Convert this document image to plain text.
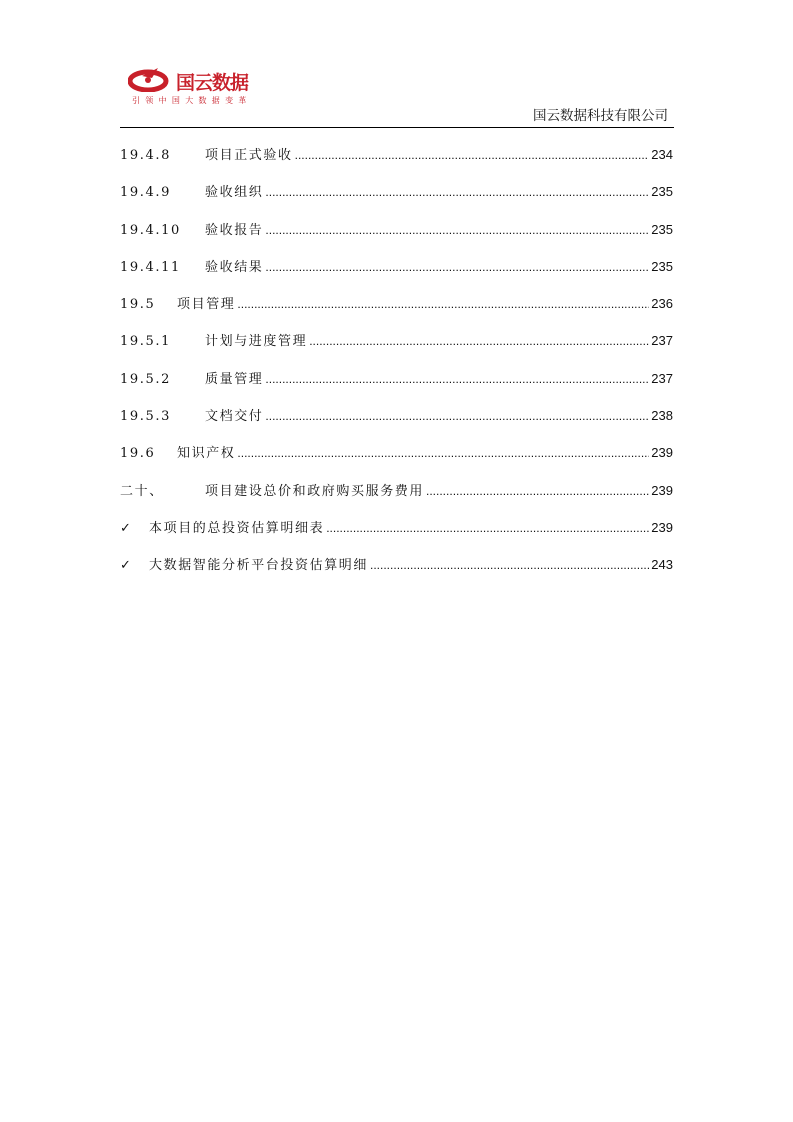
国云数据
引领中国大数据变革
国云数据科技有限公司
19.4.8	项目正式验收 .....	234
19.4.9	验收组织 .....	235
19.4.10	验收报告 .....	235
19.4.11	验收结果 .....	235
19.5	项目管理 .....	236
19.5.1	计划与进度管理 .....	237
19.5.2	质量管理 .....	237
19.5.3	文档交付 .....	238
19.6	知识产权 .....	239
二十、	项目建设总价和政府购买服务费用 .....	239
✓	本项目的总投资估算明细表 .....	239
✓	大数据智能分析平台投资估算明细 .....	243
